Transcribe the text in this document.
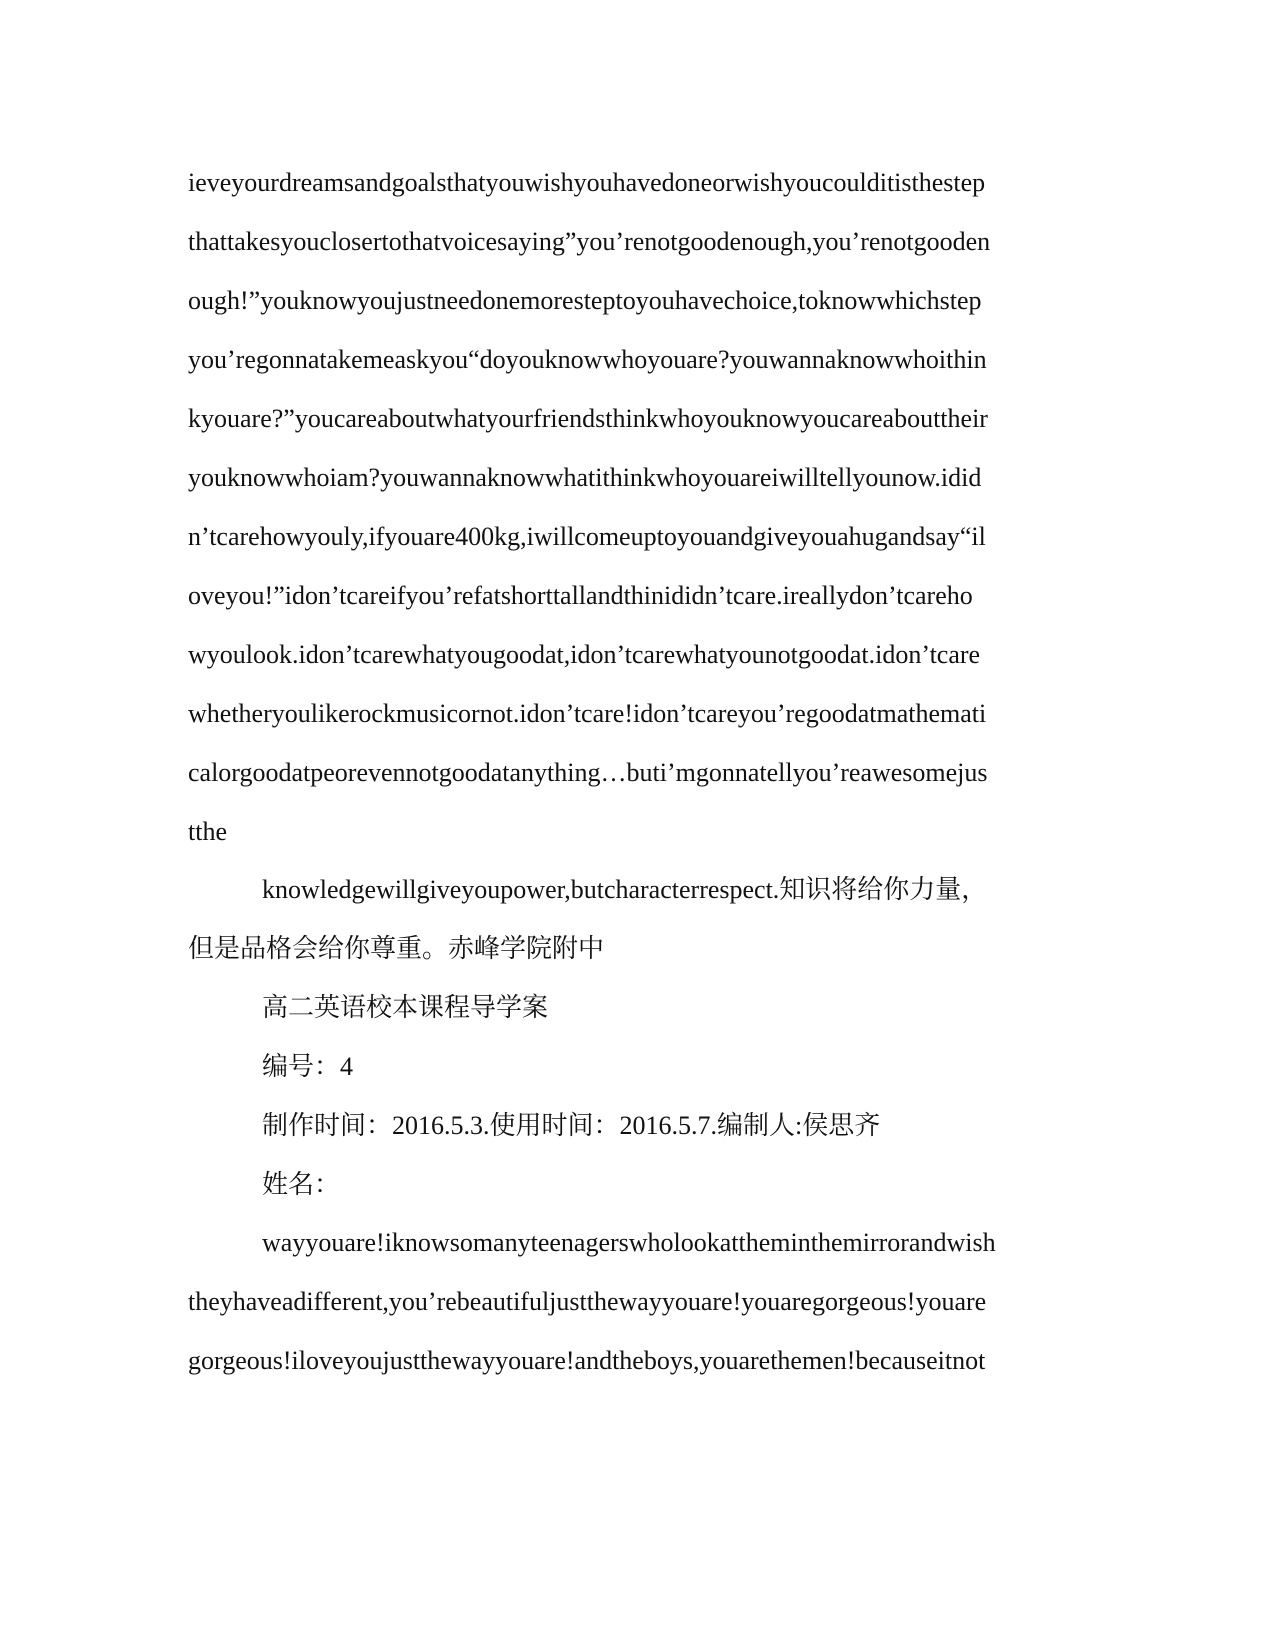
ieveyourdreamsandgoalsthatyouwishyouhavedoneorwishyoucoulditisthestep

thattakesyouclosertothatvoicesaying”you’renotgoodenough,you’renotgooden

ough!”youknowyoujustneedonemoresteptoyouhavechoice,toknowwhichstep

you’regonnatakemeaskyou“doyouknowwhoyouare?youwannaknowwhoithin

kyouare?”youcareaboutwhatyourfriendsthinkwhoyouknowyoucareabouttheir

youknowwhoiam?youwannaknowwhatithinkwhoyouareiwilltellyounow.idid

n’tcarehowyouly,ifyouare400kg,iwillcomeuptoyouandgiveyouahugandsay“il

oveyou!”idon’tcareifyou’refatshorttallandthinididn’tcare.ireallydon’tcareho

wyoulook.idon’tcarewhatyougoodat,idon’tcarewhatyounotgoodat.idon’tcare

whetheryoulikerockmusicornot.idon’tcare!idon’tcareyou’regoodatmathemati

calorgoodatpeorevennotgoodatanything…buti’mgonnatellyou’reawesomejus

tthe

knowledgewillgiveyoupower,butcharacterrespect.知识将给你力量，

但是品格会给你尊重。赤峰学院附中

高二英语校本课程导学案

编号：4

制作时间：2016.5.3.使用时间：2016.5.7.编制人:侯思齐

姓名：

wayyouare!iknowsomanyteenagerswholookattheminthemirrorandwish

theyhaveadifferent,you’rebeautifuljustthewayyouare!youaregorgeous!youare

gorgeous!iloveyoujustthewayyouare!andtheboys,youarethemen!becauseitnot
